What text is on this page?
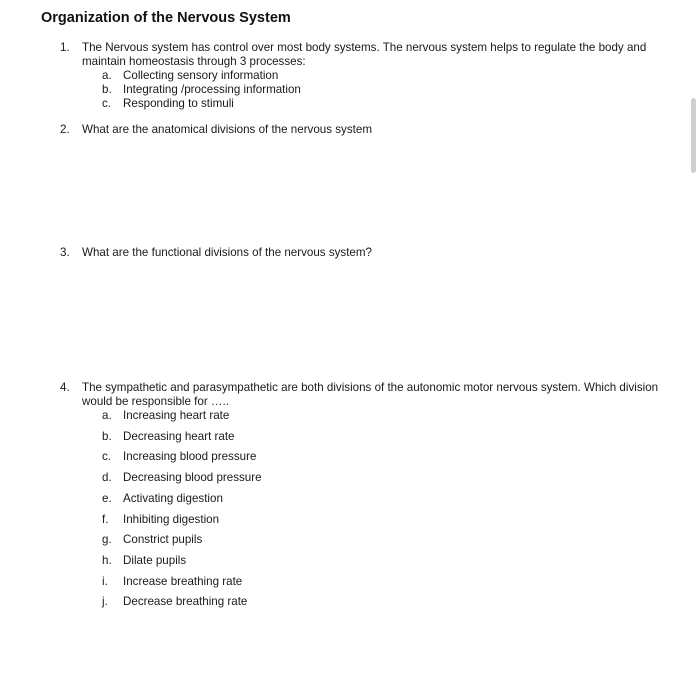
Organization of the Nervous System
1. The Nervous system has control over most body systems. The nervous system helps to regulate the body and maintain homeostasis through 3 processes:
a. Collecting sensory information
b. Integrating /processing information
c. Responding to stimuli
2. What are the anatomical divisions of the nervous system
3. What are the functional divisions of the nervous system?
4. The sympathetic and parasympathetic are both divisions of the autonomic motor nervous system. Which division would be responsible for …..
a. Increasing heart rate
b. Decreasing heart rate
c. Increasing blood pressure
d. Decreasing blood pressure
e. Activating digestion
f. Inhibiting digestion
g. Constrict pupils
h. Dilate pupils
i. Increase breathing rate
j. Decrease breathing rate
